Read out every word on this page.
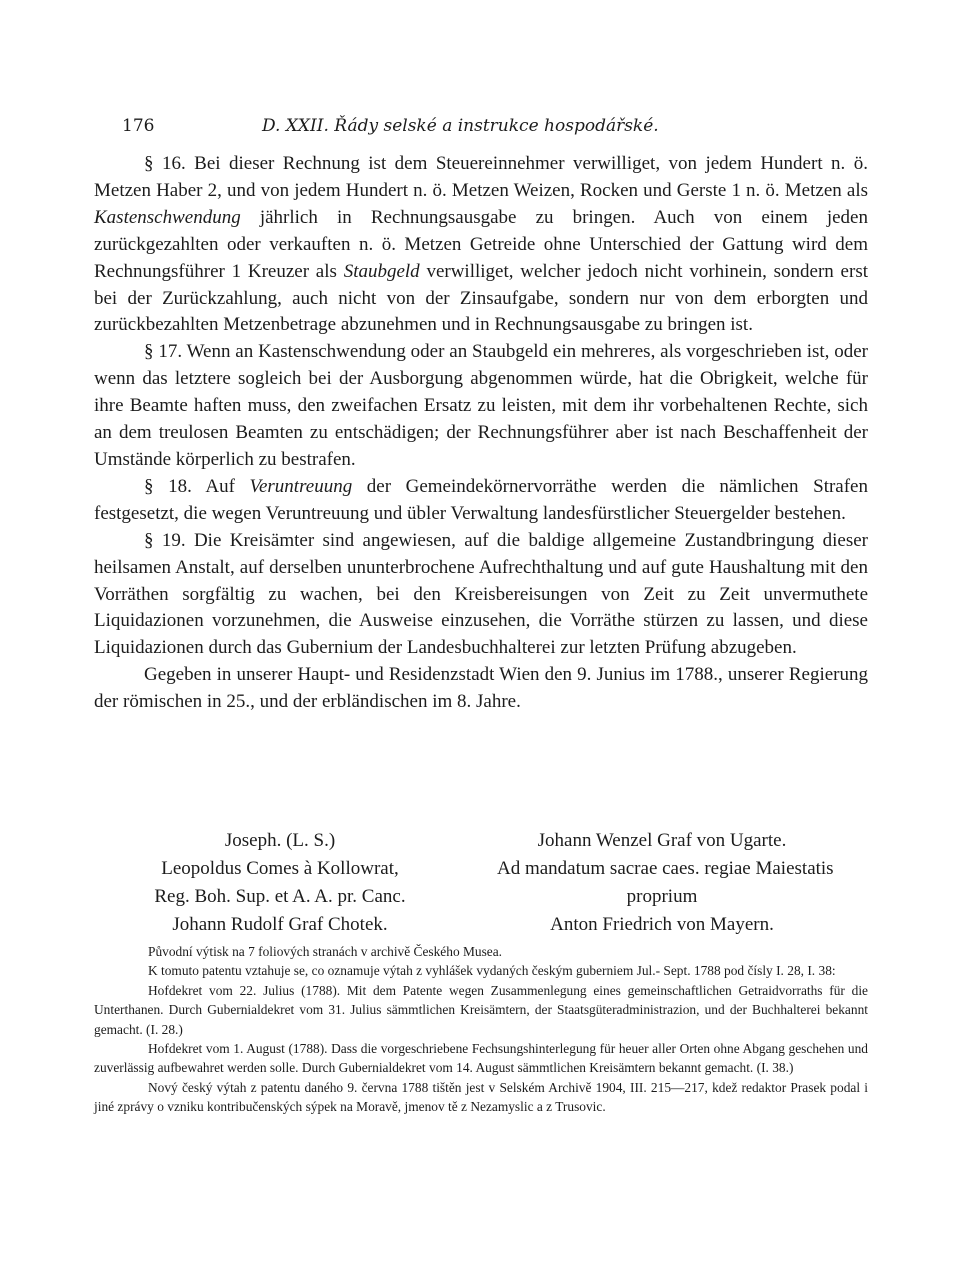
176	D. XXII. Řády selské a instrukce hospodářské.

§ 16. Bei dieser Rechnung ist dem Steuereinnehmer verwilliget, von jedem Hundert n. ö. Metzen Haber 2, und von jedem Hundert n. ö. Metzen Weizen, Rocken und Gerste 1 n. ö. Metzen als Kastenschwendung jährlich in Rechnungsausgabe zu bringen. Auch von einem jeden zurückgezahlten oder verkauften n. ö. Metzen Getreide ohne Unterschied der Gattung wird dem Rechnungsführer 1 Kreuzer als Staubgeld verwilliget, welcher jedoch nicht vorhinein, sondern erst bei der Zurückzahlung, auch nicht von der Zinsaufgabe, sondern nur von dem erborgten und zurückbezahlten Metzenbetrage abzunehmen und in Rechnungsausgabe zu bringen ist.

§ 17. Wenn an Kastenschwendung oder an Staubgeld ein mehreres, als vorgeschrieben ist, oder wenn das letztere sogleich bei der Ausborgung abgenommen würde, hat die Obrigkeit, welche für ihre Beamte haften muss, den zweifachen Ersatz zu leisten, mit dem ihr vorbehaltenen Rechte, sich an dem treulosen Beamten zu entschädigen; der Rechnungsführer aber ist nach Beschaffenheit der Umstände körperlich zu bestrafen.

§ 18. Auf Veruntreuung der Gemeindekörnervorräthe werden die nämlichen Strafen festgesetzt, die wegen Veruntreuung und übler Verwaltung landesfürstlicher Steuergelder bestehen.

§ 19. Die Kreisämter sind angewiesen, auf die baldige allgemeine Zustandbringung dieser heilsamen Anstalt, auf derselben ununterbrochene Aufrechthaltung und auf gute Haushaltung mit den Vorräthen sorgfältig zu wachen, bei den Kreisbereisungen von Zeit zu Zeit unvermuthete Liquidazionen vorzunehmen, die Ausweise einzusehen, die Vorräthe stürzen zu lassen, und diese Liquidazionen durch das Gubernium der Landesbuchhalterei zur letzten Prüfung abzugeben.

Gegeben in unserer Haupt- und Residenzstadt Wien den 9. Junius im 1788., unserer Regierung der römischen in 25., und der erbländischen im 8. Jahre.

Joseph. (L. S.)
Leopoldus Comes à Kollowrat,
Reg. Boh. Sup. et A. A. pr. Canc.
Johann Rudolf Graf Chotek.
Johann Wenzel Graf von Ugarte.
Ad mandatum sacrae caes. regiae Maiestatis
proprium
Anton Friedrich von Mayern.

Původní výtisk na 7 foliových stranách v archivě Českého Musea.

K tomuto patentu vztahuje se, co oznamuje výtah z vyhlášek vydaných českým guberniem Jul.- Sept. 1788 pod čísly I. 28, I. 38:

Hofdekret vom 22. Julius (1788). Mit dem Patente wegen Zusammenlegung eines gemeinschaftlichen Getraidvorraths für die Unterthanen. Durch Gubernialdekret vom 31. Julius sämmtlichen Kreisämtern, der Staatsgüteradministrazion, und der Buchhalterei bekannt gemacht. (I. 28.)

Hofdekret vom 1. August (1788). Dass die vorgeschriebene Fechsungshinterlegung für heuer aller Orten ohne Abgang geschehen und zuverlässig aufbewahret werden solle. Durch Gubernialdekret vom 14. August sämmtlichen Kreisämtern bekannt gemacht. (I. 38.)

Nový český výtah z patentu daného 9. června 1788 tištěn jest v Selském Archivě 1904, III. 215—217, kdež redaktor Prasek podal i jiné zprávy o vzniku kontribučenských sýpek na Moravě, jmenov tě z Nezamyslic a z Trusovic.
